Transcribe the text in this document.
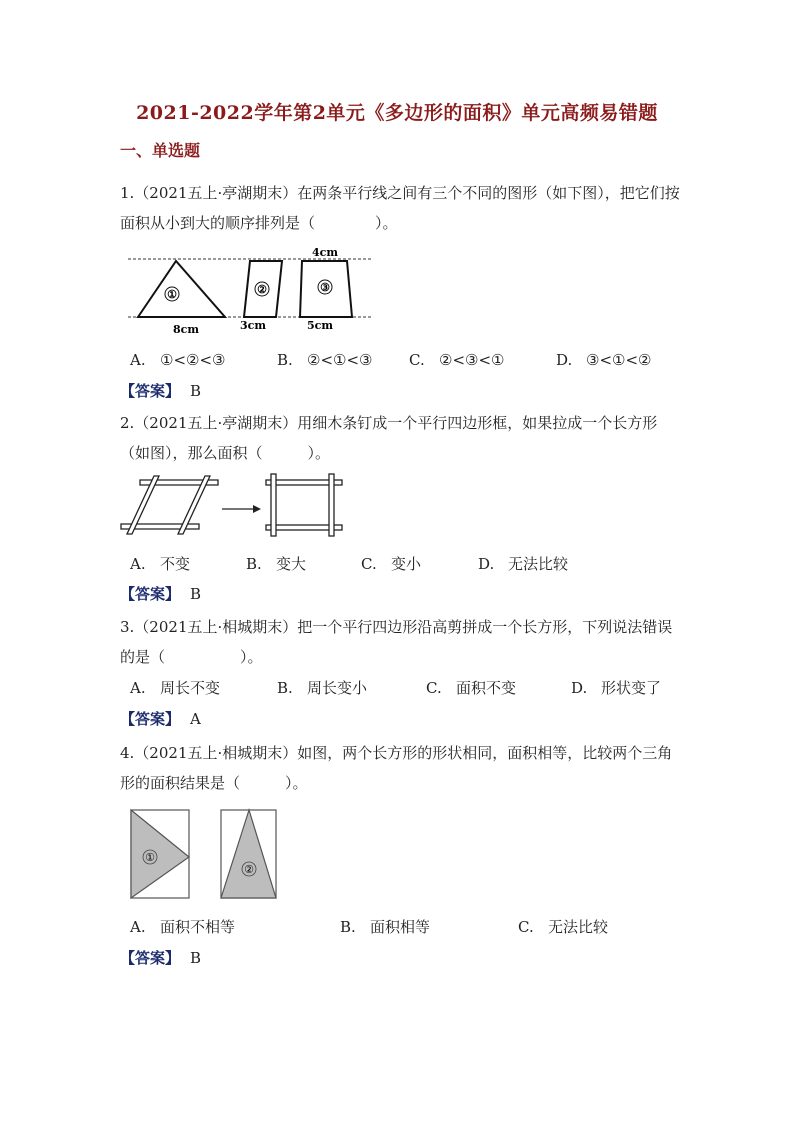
2021-2022学年第2单元《多边形的面积》单元高频易错题
一、单选题
1.（2021五上·亭湖期末）在两条平行线之间有三个不同的图形（如下图），把它们按面积从小到大的顺序排列是（　　　　）。
①	②	③
4cm
8cm	3cm	5cm
A. ①<②<③	B. ②<①<③ C. ②<③<①	D. ③<①<②
【答案】 B
2.（2021五上·亭湖期末）用细木条钉成一个平行四边形框，如果拉成一个长方形（如图），那么面积（　　　）。
A. 不变	B. 变大	C. 变小	D. 无法比较
【答案】 B
3.（2021五上·相城期末）把一个平行四边形沿高剪拼成一个长方形，下列说法错误的是（　　　　　）。
A. 周长不变	B. 周长变小	C. 面积不变	D. 形状变了
【答案】 A
4.（2021五上·相城期末）如图，两个长方形的形状相同，面积相等，比较两个三角形的面积结果是（　　　）。
①
②
A. 面积不相等	B. 面积相等	C. 无法比较
【答案】 B
